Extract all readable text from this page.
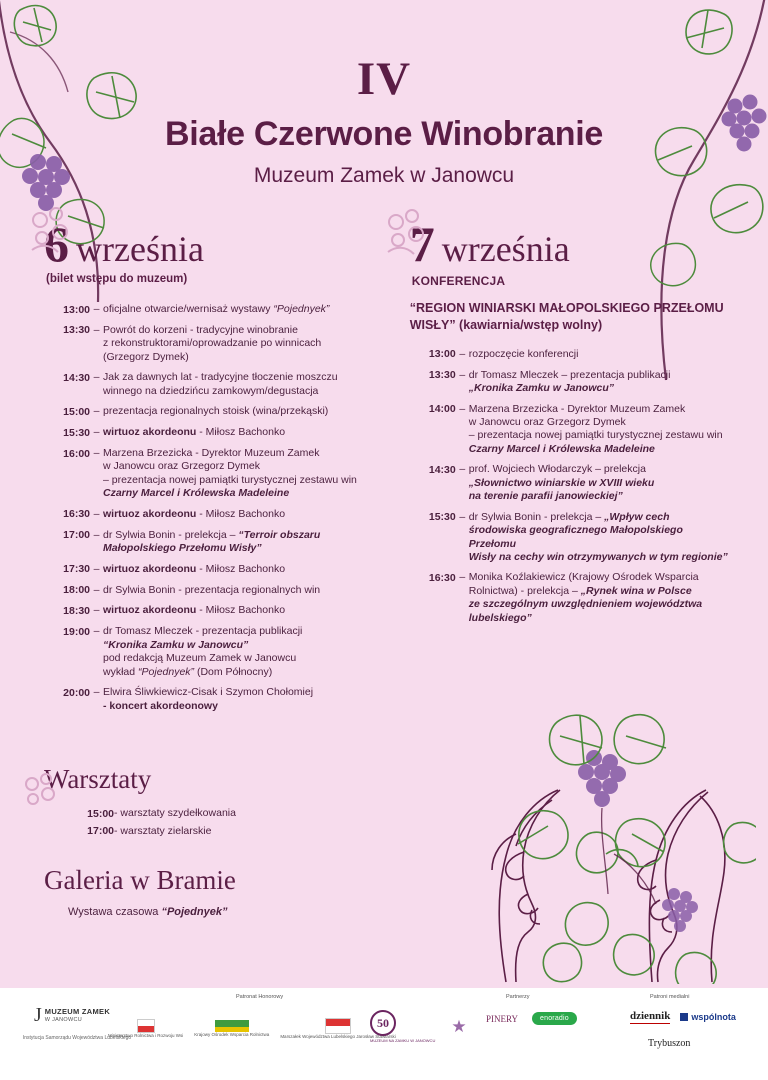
IV
Białe Czerwone Winobranie
Muzeum Zamek w Janowcu
6 września
(bilet wstępu do muzeum)
13:00 – oficjalne otwarcie/wernisaż wystawy “Pojednyek”
13:30 – Powrót do korzeni - tradycyjne winobranie
z rekonstruktorami/oprowadzanie po winnicach
(Grzegorz Dymek)
14:30 – Jak za dawnych lat - tradycyjne tłoczenie moszczu
winnego na dziedzińcu zamkowym/degustacja
15:00 – prezentacja regionalnych stoisk (wina/przekąski)
15:30 – wirtuoz akordeonu - Miłosz Bachonko
16:00 – Marzena Brzezicka - Dyrektor Muzeum Zamek
w Janowcu oraz Grzegorz Dymek
– prezentacja nowej pamiątki turystycznej zestawu win
Czarny Marcel i Królewska Madeleine
16:30 – wirtuoz akordeonu - Miłosz Bachonko
17:00 – dr Sylwia Bonin - prelekcja – “Terroir obszaru
Małopolskiego Przełomu Wisły”
17:30 – wirtuoz akordeonu - Miłosz Bachonko
18:00 – dr Sylwia Bonin - prezentacja regionalnych win
18:30 – wirtuoz akordeonu - Miłosz Bachonko
19:00 – dr Tomasz Mleczek - prezentacja publikacji
“Kronika Zamku w Janowcu”
pod redakcją Muzeum Zamek w Janowcu
wykład “Pojednyek” (Dom Północny)
20:00 – Elwira Śliwkiewicz-Cisak i Szymon Chołomiej
- koncert akordeonowy
7 września
KONFERENCJA
“REGION WINIARSKI MAŁOPOLSKIEGO PRZEŁOMU WISŁY” (kawiarnia/wstęp wolny)
13:00 – rozpoczęcie konferencji
13:30 – dr Tomasz Mleczek – prezentacja publikacji
„Kronika Zamku w Janowcu”
14:00 – Marzena Brzezicka - Dyrektor Muzeum Zamek
w Janowcu oraz Grzegorz Dymek
– prezentacja nowej pamiątki turystycznej zestawu win
Czarny Marcel i Królewska Madeleine
14:30 – prof. Wojciech Włodarczyk – prelekcja
„Słownictwo winiarskie w XVIII wieku
na terenie parafii janowieckiej”
15:30 – dr Sylwia Bonin - prelekcja – „Wpływ cech
środowiska geograficznego Małopolskiego Przełomu
Wisły na cechy win otrzymywanych w tym regionie”
16:30 – Monika Koźlakiewicz (Krajowy Ośrodek Wsparcia
Rolnictwa) - prelekcja – „Rynek wina w Polsce
ze szczególnym uwzględnieniem województwa lubelskiego”
Warsztaty
15:00 - warsztaty szydełkowania
17:00 - warsztaty zielarskie
Galeria w Bramie
Wystawa czasowa “Pojednyek”
Patronat Honorowy	Partnerzy	Patroni medialni
J MUZEUM ZAMEK
W JANOWCU
Instytucja Samorządu Województwa Lubelskiego
Ministerstwo Rolnictwa i Rozwoju Wsi Krajowy Ośrodek Wsparcia Rolnictwa Marszałek Województwa Lubelskiego Jarosław Stawiarski
50
MUZEUM NA ZAMKU W JANOWCU
★ PINERY	enoradio	dziennik wspólnota
Trybuszon
